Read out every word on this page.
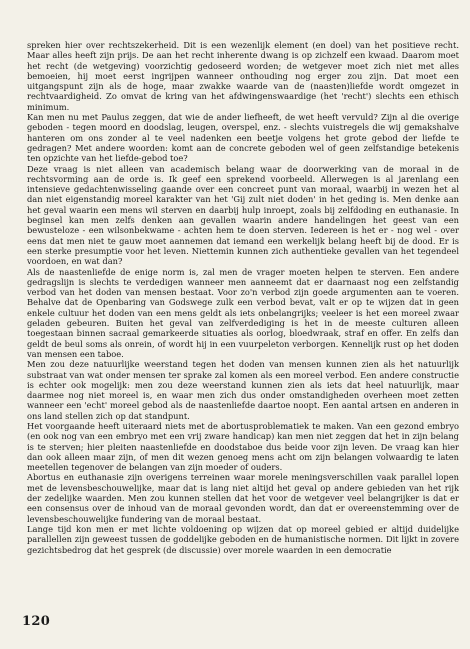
spreken hier over rechtszekerheid. Dit is een wezenlijk element (en doel) van het positieve recht. Maar alles heeft zijn prijs. De aan het recht inherente dwang is op zichzelf een kwaad. Daarom moet het recht (de wetgeving) voorzichtig gedoseerd worden; de wetgever moet zich niet met alles bemoeien, hij moet eerst ingrijpen wanneer onthouding nog erger zou zijn. Dat moet een uitgangspunt zijn als de hoge, maar zwakke waarde van de (naasten)liefde wordt omgezet in rechtvaardigheid. Zo omvat de kring van het afdwingenswaardige (het 'recht') slechts een ethisch minimum.

Kan men nu met Paulus zeggen, dat wie de ander liefheeft, de wet heeft vervuld? Zijn al die overige geboden - tegen moord en doodslag, leugen, overspel, enz. - slechts vuistregels die wij gemakshalve hanteren om ons zonder al te veel nadenken een beetje volgens het grote gebod der liefde te gedragen? Met andere woorden: komt aan de concrete geboden wel of geen zelfstandige betekenis ten opzichte van het liefde-gebod toe?

Deze vraag is niet alleen van academisch belang waar de doorwerking van de moraal in de rechtsvorming aan de orde is. Ik geef een sprekend voorbeeld. Allerwegen is al jarenlang een intensieve gedachtenwisseling gaande over een concreet punt van moraal, waarbij in wezen het al dan niet eigenstandig moreel karakter van het 'Gij zult niet doden' in het geding is. Men denke aan het geval waarin een mens wil sterven en daarbij hulp inroept, zoals bij zelfdoding en euthanasie. In beginsel kan men zelfs denken aan gevallen waarin andere handelingen het geest van een bewusteloze - een wilsonbekwame - achten hem te doen sterven. Iedereen is het er - nog wel - over eens dat men niet te gauw moet aannemen dat iemand een werkelijk belang heeft bij de dood. Er is een sterke presumptie voor het leven. Niettemin kunnen zich authentieke gevallen van het tegendeel voordoen, en wat dan?

Als de naastenliefde de enige norm is, zal men de vrager moeten helpen te sterven. Een andere gedragslijn is slechts te verdedigen wanneer men aanneemt dat er daarnaast nog een zelfstandig verbod van het doden van mensen bestaat. Voor zo'n verbod zijn goede argumenten aan te voeren. Behalve dat de Openbaring van Godswege zulk een verbod bevat, valt er op te wijzen dat in geen enkele cultuur het doden van een mens geldt als iets onbelangrijks; veeleer is het een moreel zwaar geladen gebeuren. Buiten het geval van zelfverdediging is het in de meeste culturen alleen toegestaan binnen sacraal gemarkeerde situaties als oorlog, bloedwraak, straf en offer. En zelfs dan geldt de beul soms als onrein, of wordt hij in een vuurpeleton verborgen. Kennelijk rust op het doden van mensen een taboe.

Men zou deze natuurlijke weerstand tegen het doden van mensen kunnen zien als het natuurlijk substraat van wat onder mensen ter sprake zal komen als een moreel verbod. Een andere constructie is echter ook mogelijk: men zou deze weerstand kunnen zien als iets dat heel natuurlijk, maar daarmee nog niet moreel is, en waar men zich dus onder omstandigheden overheen moet zetten wanneer een 'echt' moreel gebod als de naastenliefde daartoe noopt. Een aantal artsen en anderen in ons land stellen zich op dat standpunt.

Het voorgaande heeft uiteraard niets met de abortusproblematiek te maken. Van een gezond embryo (en ook nog van een embryo met een vrij zware handicap) kan men niet zeggen dat het in zijn belang is te sterven; hier pleiten naastenliefde en doodstaboe dus beide voor zijn leven. De vraag kan hier dan ook alleen maar zijn, of men dit wezen genoeg mens acht om zijn belangen volwaardig te laten meetellen tegenover de belangen van zijn moeder of ouders.

Abortus en euthanasie zijn overigens terreinen waar morele meningsverschillen vaak parallel lopen met de levensbeschouwelijke, maar dat is lang niet altijd het geval op andere gebieden van het rijk der zedelijke waarden. Men zou kunnen stellen dat het voor de wetgever veel belangrijker is dat er een consensus over de inhoud van de moraal gevonden wordt, dan dat er overeenstemming over de levensbeschouwelijke fundering van de moraal bestaat.

Lange tijd kon men er met lichte voldoening op wijzen dat op moreel gebied er altijd duidelijke parallellen zijn geweest tussen de goddelijke geboden en de humanistische normen. Dit lijkt in zovere gezichtsbedrog dat het gesprek (de discussie) over morele waarden in een democratie

120
